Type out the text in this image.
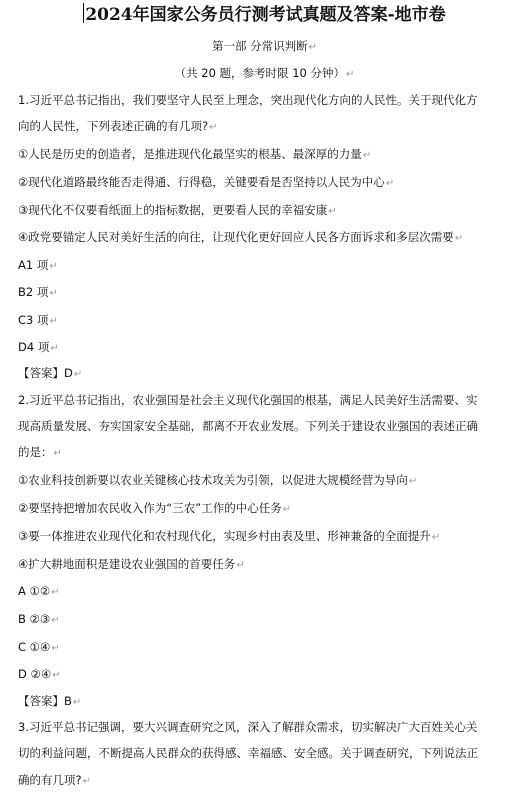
2024年国家公务员行测考试真题及答案-地市卷
第一部 分常识判断↵
（共 20 题，参考时限 10 分钟）↵
1.习近平总书记指出，我们要坚守人民至上理念，突出现代化方向的人民性。关于现代化方
向的人民性，下列表述正确的有几项?↵
①人民是历史的创造者，是推进现代化最坚实的根基、最深厚的力量↵
②现代化道路最终能否走得通、行得稳，关键要看是否坚持以人民为中心↵
③现代化不仅要看纸面上的指标数据，更要看人民的幸福安康↵
④政党要锚定人民对美好生活的向往，让现代化更好回应人民各方面诉求和多层次需要↵
A1 项↵
B2 项↵
C3 项↵
D4 项↵
【答案】D↵
2.习近平总书记指出，农业强国是社会主义现代化强国的根基，满足人民美好生活需要、实
现高质量发展、夯实国家安全基础，都离不开农业发展。下列关于建设农业强国的表述正确
的是：↵
①农业科技创新要以农业关键核心技术攻关为引领，以促进大规模经营为导向↵
②要坚持把增加农民收入作为“三农”工作的中心任务↵
③要一体推进农业现代化和农村现代化，实现乡村由表及里、形神兼备的全面提升↵
④扩大耕地面积是建设农业强国的首要任务↵
A ①②↵
B ②③↵
C ①④↵
D ②④↵
【答案】B↵
3.习近平总书记强调，要大兴调查研究之风，深入了解群众需求，切实解决广大百姓关心关
切的利益问题，不断提高人民群众的获得感、幸福感、安全感。关于调查研究，下列说法正
确的有几项?↵
